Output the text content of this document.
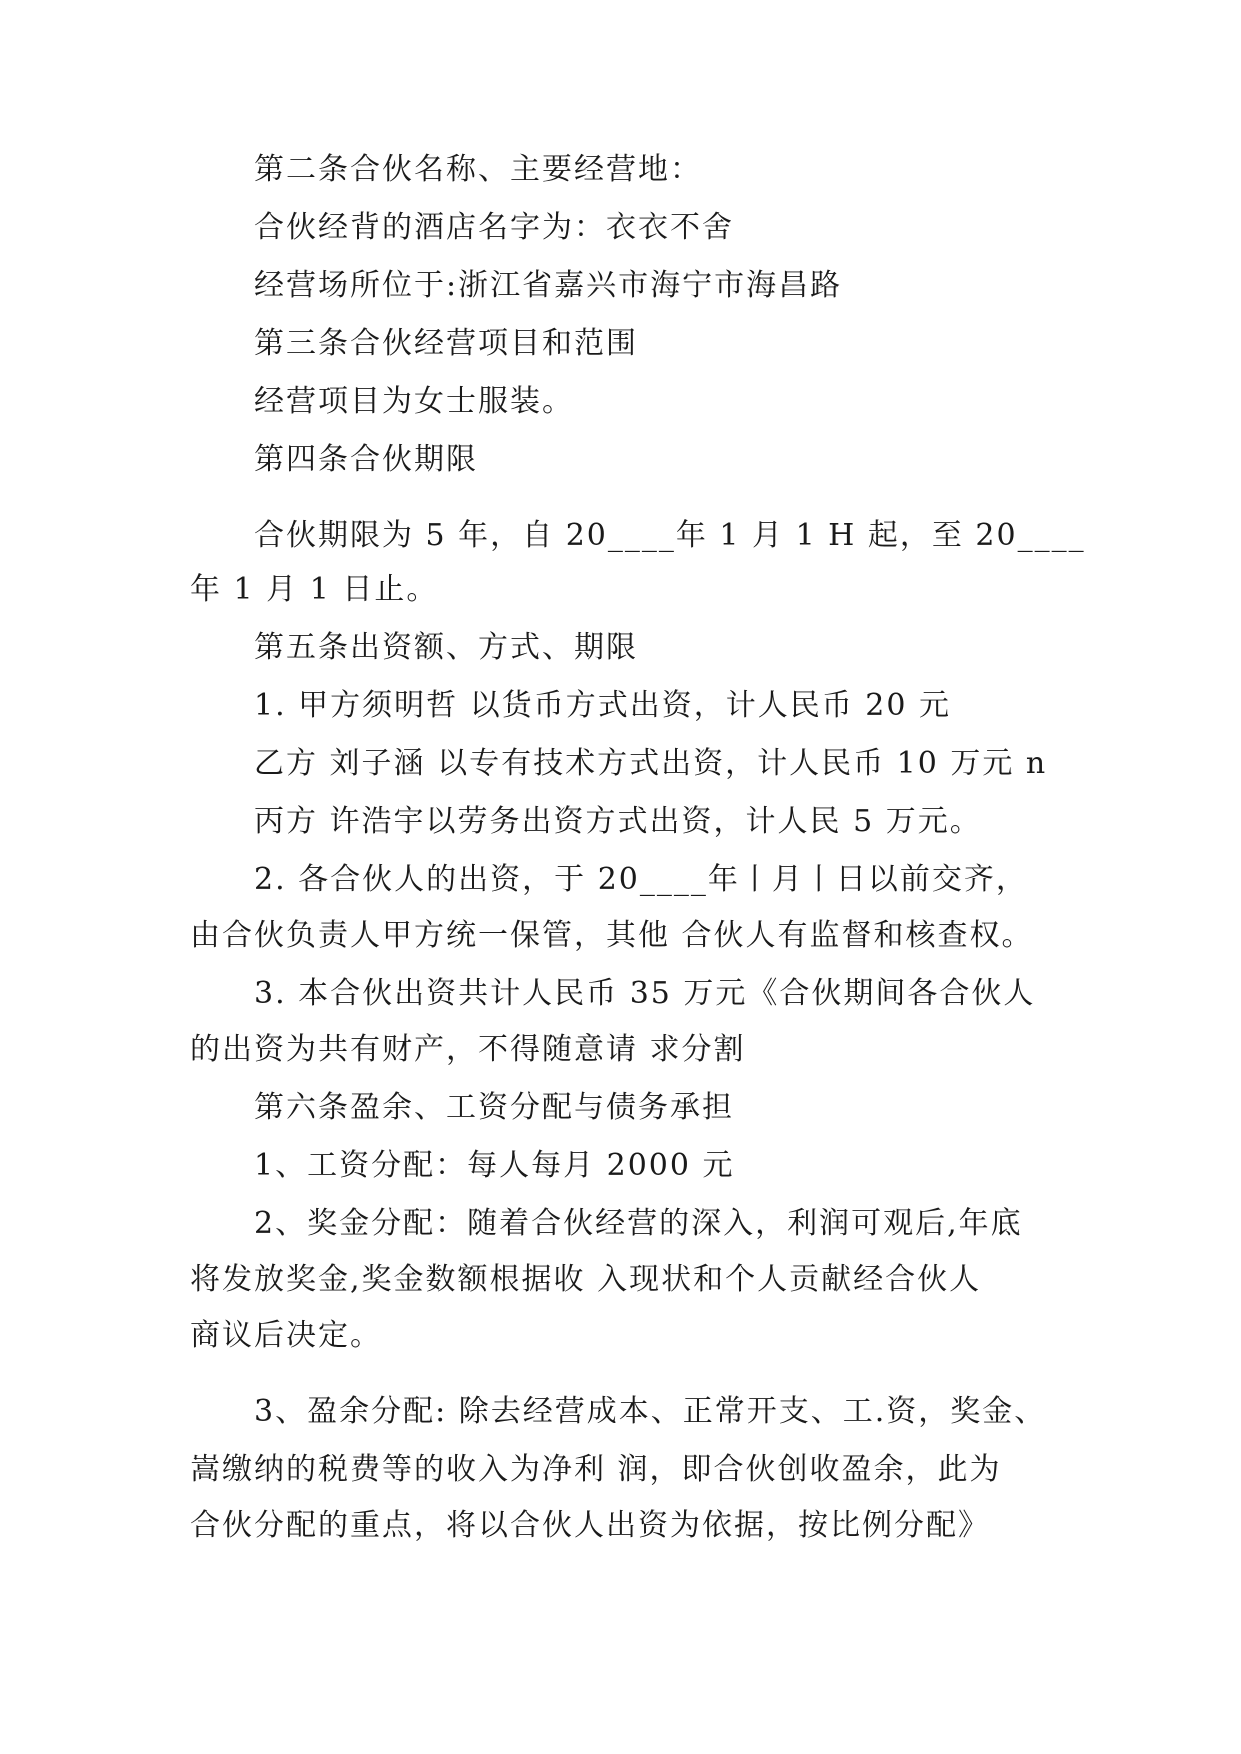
　　第二条合伙名称、主要经营地：
　　合伙经背的酒店名字为：衣衣不舍
　　经营场所位于:浙江省嘉兴市海宁市海昌路
　　第三条合伙经营项目和范围
　　经营项目为女士服装。
　　第四条合伙期限
　　合伙期限为 5 年，自 20____年 1 月 1 H 起，至 20____
年 1 月 1 日止。
　　第五条出资额、方式、期限
　　1. 甲方须明哲 以货币方式出资，计人民币 20 元
　　乙方 刘子涵 以专有技术方式出资，计人民币 10 万元 n
　　丙方 许浩宇以劳务出资方式出资，计人民 5 万元。
　　2. 各合伙人的出资，于 20____年丨月丨日以前交齐，
由合伙负责人甲方统一保管，其他 合伙人有监督和核查权。
　　3. 本合伙出资共计人民币 35 万元《合伙期间各合伙人
的出资为共有财产，不得随意请 求分割
　　第六条盈余、工资分配与债务承担
　　1、工资分配：每人每月 2000 元
　　2、奖金分配：随着合伙经营的深入，利润可观后,年底
将发放奖金,奖金数额根据收 入现状和个人贡献经合伙人
商议后决定。
　　3、盈余分配: 除去经营成本、正常开支、工.资，奖金、
嵩缴纳的税费等的收入为净利 润，即合伙创收盈余，此为
合伙分配的重点，将以合伙人出资为依据，按比例分配》
